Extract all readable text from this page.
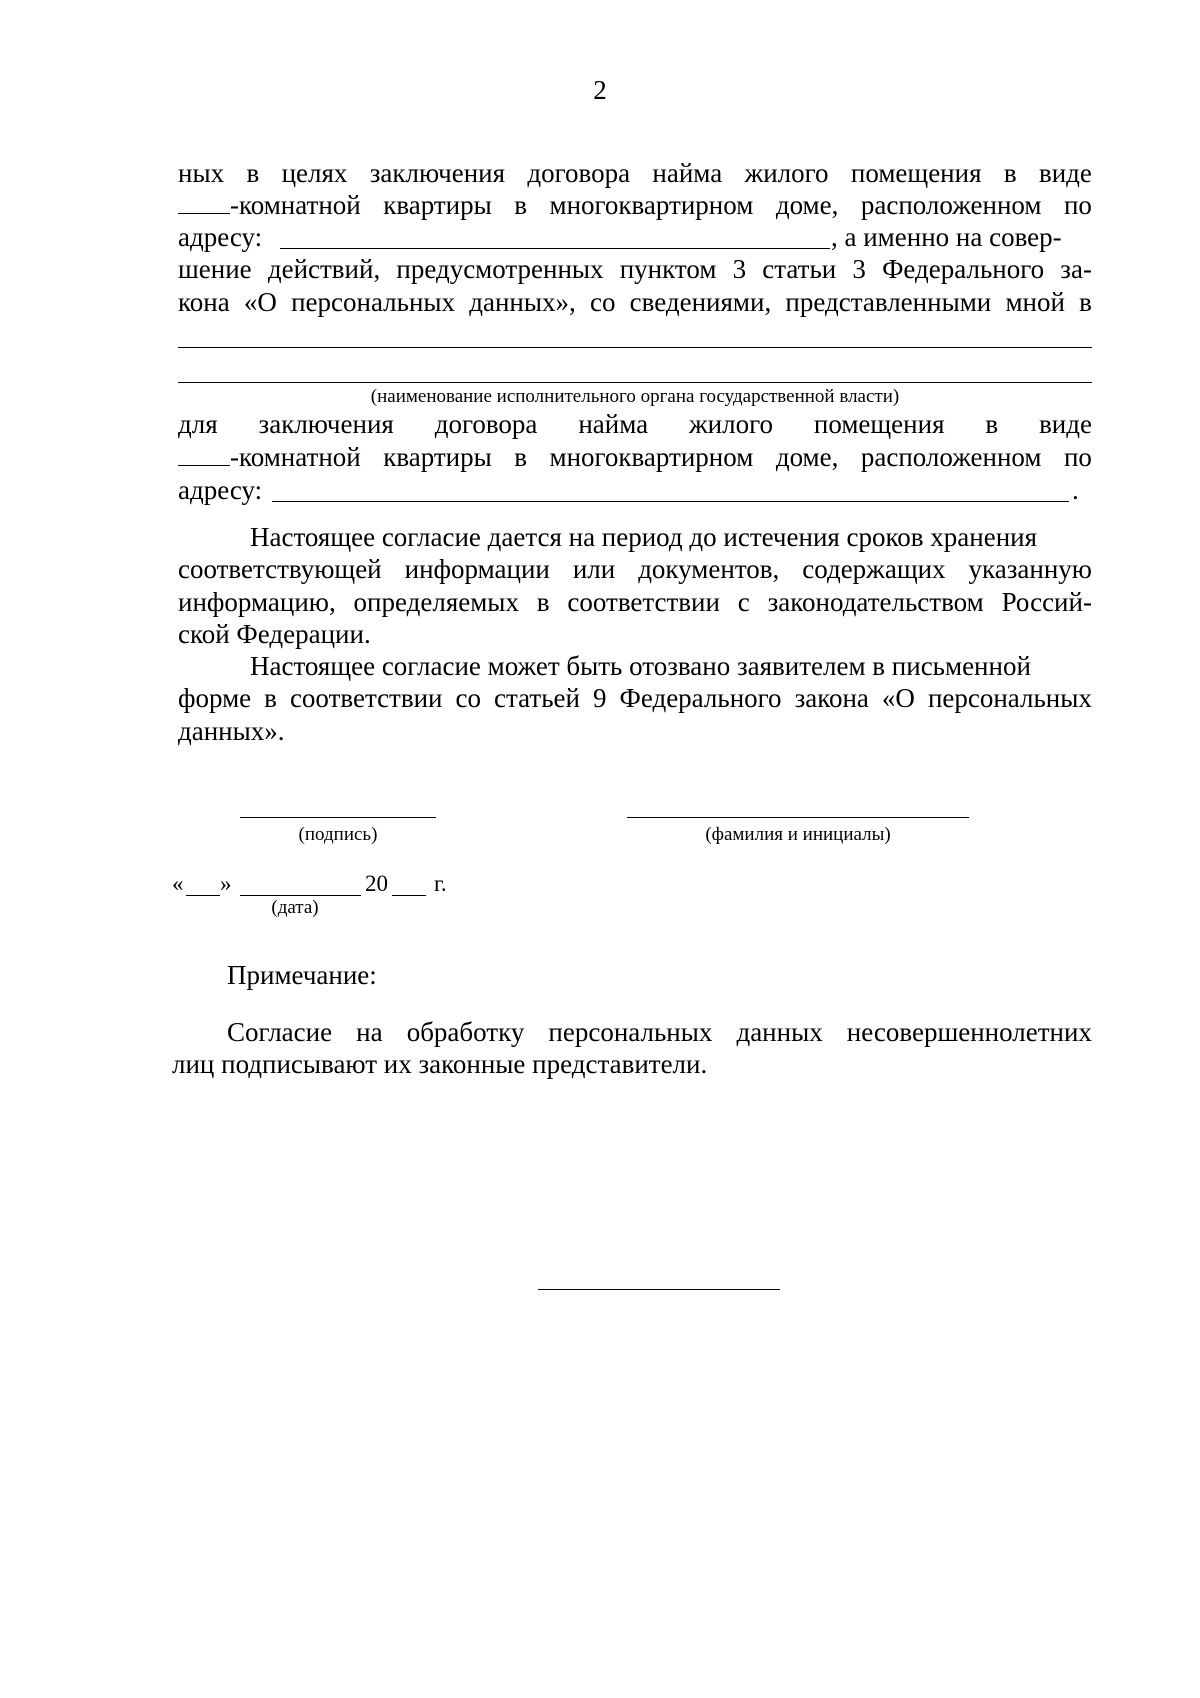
2
ных в целях заключения договора найма жилого помещения в виде
-комнатной квартиры в многоквартирном доме, расположенном по
адресу:	, а именно на совер-
шение действий, предусмотренных пунктом 3 статьи 3 Федерального за-
кона «О персональных данных», со сведениями, представленными мной в
(наименование исполнительного органа государственной власти)
для заключения договора найма жилого помещения в виде
-комнатной квартиры в многоквартирном доме, расположенном по
адресу:	.
Настоящее согласие дается на период до истечения сроков хранения
соответствующей информации или документов, содержащих указанную
информацию, определяемых в соответствии с законодательством Россий-
ской Федерации.
Настоящее согласие может быть отозвано заявителем в письменной
форме в соответствии со статьей 9 Федерального закона «О персональных
данных».
(подпись)	(фамилия и инициалы)
« »	20 г.
(дата)
Примечание:
Согласие на обработку персональных данных несовершеннолетних
лиц подписывают их законные представители.
